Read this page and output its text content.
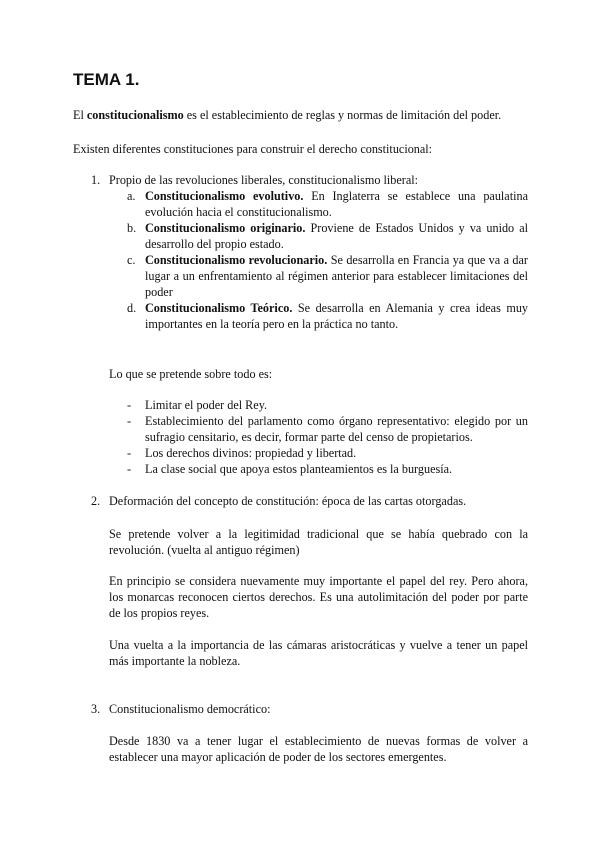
TEMA 1.

El constitucionalismo es el establecimiento de reglas y normas de limitación del poder.

Existen diferentes constituciones para construir el derecho constitucional:

1. Propio de las revoluciones liberales, constitucionalismo liberal:

a. Constitucionalismo evolutivo. En Inglaterra se establece una paulatina evolución hacia el constitucionalismo.

b. Constitucionalismo originario. Proviene de Estados Unidos y va unido al desarrollo del propio estado.

c. Constitucionalismo revolucionario. Se desarrolla en Francia ya que va a dar lugar a un enfrentamiento al régimen anterior para establecer limitaciones del poder

d. Constitucionalismo Teórico. Se desarrolla en Alemania y crea ideas muy importantes en la teoría pero en la práctica no tanto.

Lo que se pretende sobre todo es:

- Limitar el poder del Rey.

- Establecimiento del parlamento como órgano representativo: elegido por un sufragio censitario, es decir, formar parte del censo de propietarios.

- Los derechos divinos: propiedad y libertad.

- La clase social que apoya estos planteamientos es la burguesía.

2. Deformación del concepto de constitución: época de las cartas otorgadas.

Se pretende volver a la legitimidad tradicional que se había quebrado con la revolución. (vuelta al antiguo régimen)

En principio se considera nuevamente muy importante el papel del rey. Pero ahora, los monarcas reconocen ciertos derechos. Es una autolimitación del poder por parte de los propios reyes.

Una vuelta a la importancia de las cámaras aristocráticas y vuelve a tener un papel más importante la nobleza.

3. Constitucionalismo democrático:

Desde 1830 va a tener lugar el establecimiento de nuevas formas de volver a establecer una mayor aplicación de poder de los sectores emergentes.
